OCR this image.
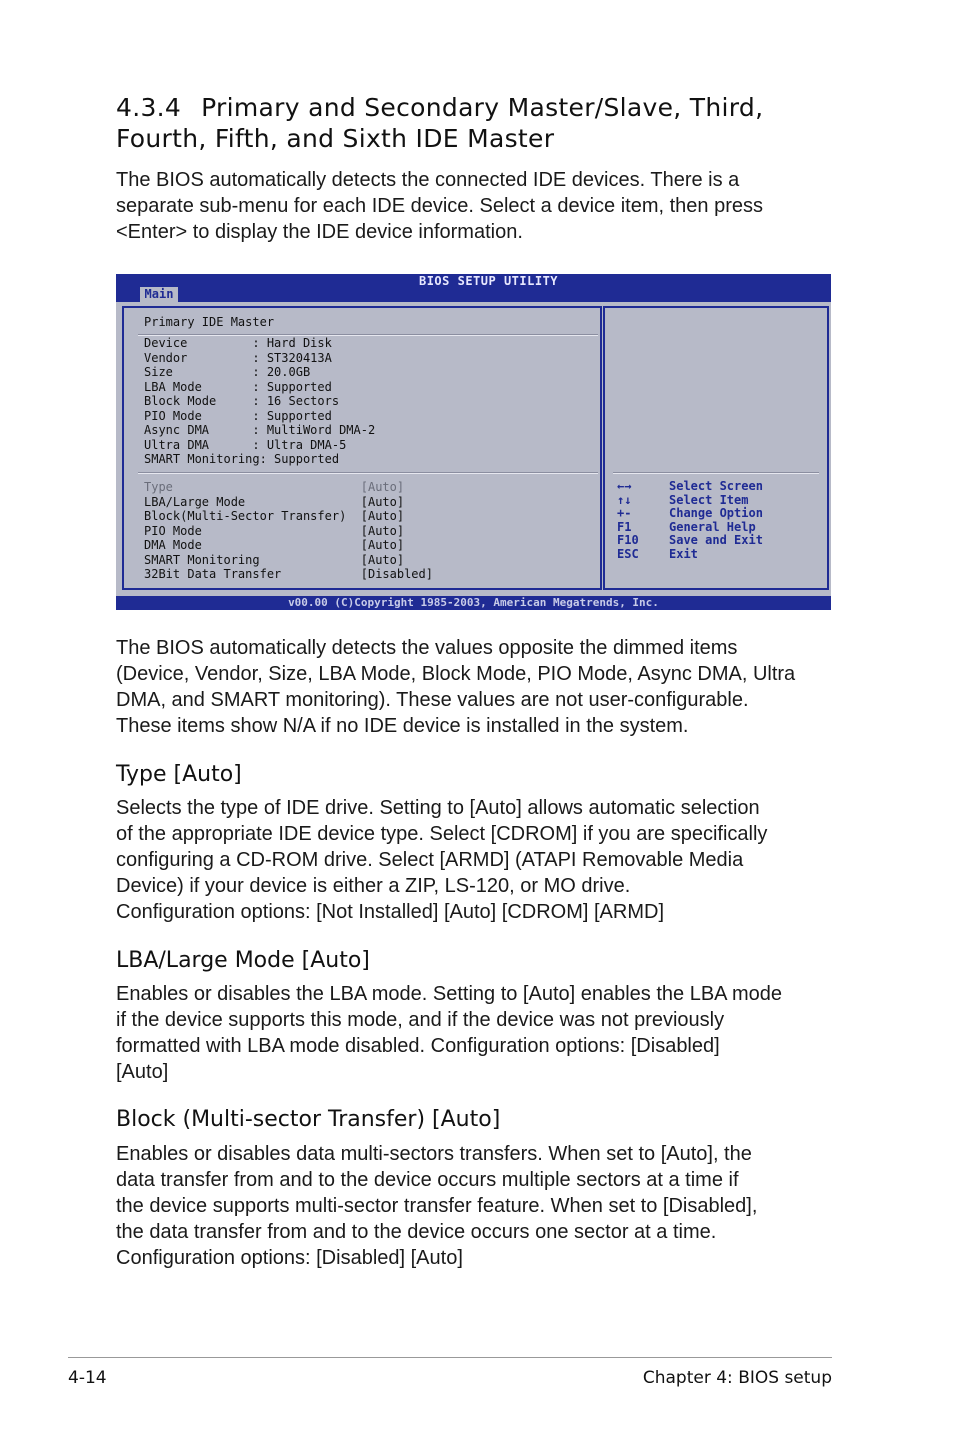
4.3.4 Primary and Secondary Master/Slave, Third,
Fourth, Fifth, and Sixth IDE Master
The BIOS automatically detects the connected IDE devices. There is a
separate sub-menu for each IDE device. Select a device item, then press
<Enter> to display the IDE device information.
BIOS SETUP UTILITY
Main
Primary IDE Master
Device         : Hard Disk
Vendor         : ST320413A
Size           : 20.0GB
LBA Mode       : Supported
Block Mode     : 16 Sectors
PIO Mode       : Supported
Async DMA      : MultiWord DMA-2
Ultra DMA      : Ultra DMA-5
SMART Monitoring: Supported
Type                          [Auto]
LBA/Large Mode                [Auto]
Block(Multi-Sector Transfer)  [Auto]
PIO Mode                      [Auto]
DMA Mode                      [Auto]
SMART Monitoring              [Auto]
32Bit Data Transfer           [Disabled]
←→	Select Screen
↑↓	Select Item
+-	Change Option
F1	General Help
F10	Save and Exit
ESC	Exit
v00.00 (C)Copyright 1985-2003, American Megatrends, Inc.
The BIOS automatically detects the values opposite the dimmed items
(Device, Vendor, Size, LBA Mode, Block Mode, PIO Mode, Async DMA, Ultra
DMA, and SMART monitoring). These values are not user-configurable.
These items show N/A if no IDE device is installed in the system.
Type [Auto]
Selects the type of IDE drive. Setting to [Auto] allows automatic selection
of the appropriate IDE device type. Select [CDROM] if you are specifically
configuring a CD-ROM drive. Select [ARMD] (ATAPI Removable Media
Device) if your device is either a ZIP, LS-120, or MO drive.
Configuration options: [Not Installed] [Auto] [CDROM] [ARMD]
LBA/Large Mode [Auto]
Enables or disables the LBA mode. Setting to [Auto] enables the LBA mode
if the device supports this mode, and if the device was not previously
formatted with LBA mode disabled. Configuration options: [Disabled]
[Auto]
Block (Multi-sector Transfer) [Auto]
Enables or disables data multi-sectors transfers. When set to [Auto], the
data transfer from and to the device occurs multiple sectors at a time if
the device supports multi-sector transfer feature. When set to [Disabled],
the data transfer from and to the device occurs one sector at a time.
Configuration options: [Disabled] [Auto]
4-14	Chapter 4: BIOS setup
